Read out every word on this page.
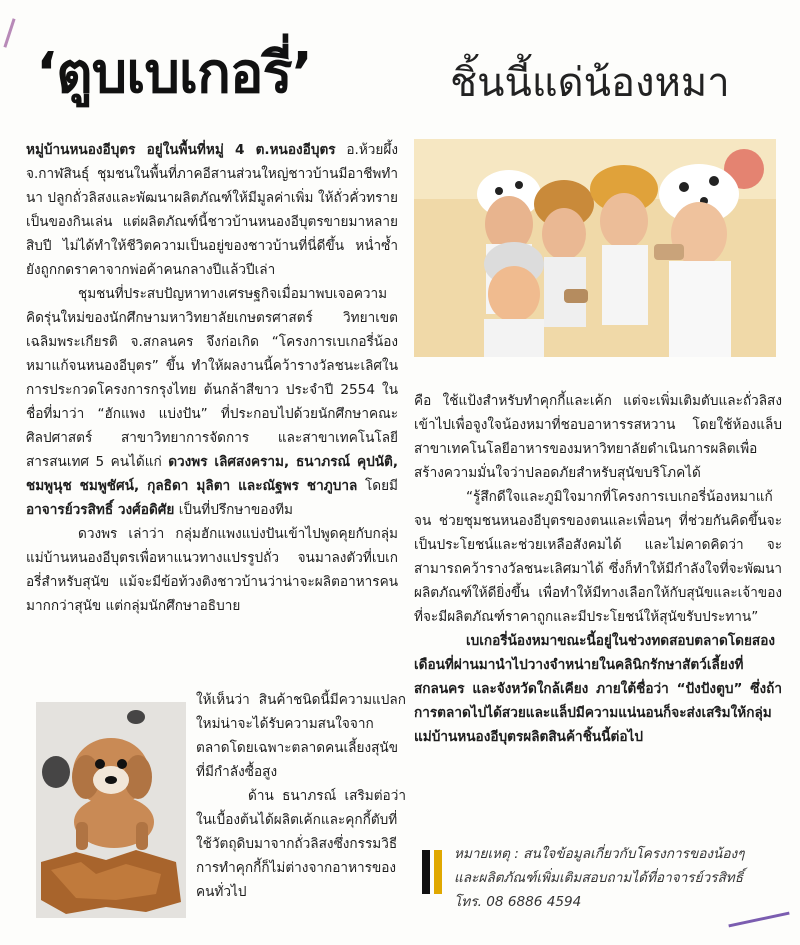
‘ตูบเบเกอรี่’	ชิ้นนี้แด่น้องหมา

หมู่บ้านหนองอีบุตร อยู่ในพื้นที่หมู่ 4 ต.หนองอีบุตร อ.ห้วยผึ้ง จ.กาฬสินธุ์ ชุมชนในพื้นที่ภาคอีสานส่วนใหญ่ชาวบ้านมีอาชีพทำนา ปลูกถั่วลิสงและพัฒนาผลิตภัณฑ์ให้มีมูลค่าเพิ่ม ให้ถั่วคั่วทรายเป็นของกินเล่น แต่ผลิตภัณฑ์นี้ชาวบ้านหนองอีบุตรขายมาหลายสิบปี ไม่ได้ทำให้ชีวิตความเป็นอยู่ของชาวบ้านที่นี่ดีขึ้น หน่ำซ้ำยังถูกกดราคาจากพ่อค้าคนกลางปีแล้วปีเล่า

ชุมชนที่ประสบปัญหาทางเศรษฐกิจเมื่อมาพบเจอความคิดรุ่นใหม่ของนักศึกษามหาวิทยาลัยเกษตรศาสตร์ วิทยาเขตเฉลิมพระเกียรติ จ.สกลนคร จึงก่อเกิด “โครงการเบเกอรี่น้องหมาแก้จนหนองอีบุตร” ขึ้น ทำให้ผลงานนี้คว้ารางวัลชนะเลิศในการประกวดโครงการกรุงไทย ต้นกล้าสีขาว ประจำปี 2554 ในชื่อที่มาว่า “ฮักแพง แบ่งปัน” ที่ประกอบไปด้วยนักศึกษาคณะศิลปศาสตร์ สาขาวิทยาการจัดการ และสาขาเทคโนโลยีสารสนเทศ 5 คนได้แก่ ดวงพร เลิศสงคราม, ธนาภรณ์ คุปนัติ, ชมพูนุช ชมพูชัศน์, กุลธิดา มุลิตา และณัฐพร ชาภูบาล โดยมี อาจารย์วรสิทธิ์ วงศ์อดิศัย เป็นที่ปรึกษาของทีม

ดวงพร เล่าว่า กลุ่มฮักแพงแบ่งปันเข้าไปพูดคุยกับกลุ่มแม่บ้านหนองอีบุตรเพื่อหาแนวทางแปรรูปถั่ว จนมาลงตัวที่เบเกอรี่สำหรับสุนัข แม้จะมีข้อท้วงติงชาวบ้านว่าน่าจะผลิตอาหารคนมากกว่าสุนัข แต่กลุ่มนักศึกษาอธิบาย

ให้เห็นว่า สินค้าชนิดนี้มีความแปลกใหม่น่าจะได้รับความสนใจจากตลาดโดยเฉพาะตลาดคนเลี้ยงสุนัข ที่มีกำลังซื้อสูง

ด้าน ธนาภรณ์ เสริมต่อว่าในเบื้องต้นได้ผลิตเค้กและคุกกี้ตับที่ใช้วัตถุดิบมาจากถั่วลิสงซึ่งกรรมวิธีการทำคุกกี้ก็ไม่ต่างจากอาหารของคนทั่วไป

คือ ใช้แป้งสำหรับทำคุกกี้และเค้ก แต่จะเพิ่มเติมตับและถั่วลิสงเข้าไปเพื่อจูงใจน้องหมาที่ชอบอาหารรสหวาน โดยใช้ห้องแล็บสาขาเทคโนโลยีอาหารของมหาวิทยาลัยดำเนินการผลิตเพื่อสร้างความมั่นใจว่าปลอดภัยสำหรับสุนัขบริโภคได้

“รู้สึกดีใจและภูมิใจมากที่โครงการเบเกอรี่น้องหมาแก้จน ช่วยชุมชนหนองอีบุตรของตนและเพื่อนๆ ที่ช่วยกันคิดขึ้นจะเป็นประโยชน์และช่วยเหลือสังคมได้ และไม่คาดคิดว่า จะสามารถคว้ารางวัลชนะเลิศมาได้ ซึ่งก็ทำให้มีกำลังใจที่จะพัฒนาผลิตภัณฑ์ให้ดียิ่งขึ้น เพื่อทำให้มีทางเลือกให้กับสุนัขและเจ้าของที่จะมีผลิตภัณฑ์ราคาถูกและมีประโยชน์ให้สุนัขรับประทาน”

เบเกอรี่น้องหมาขณะนี้อยู่ในช่วงทดสอบตลาดโดยสองเดือนที่ผ่านมานำไปวางจำหน่ายในคลินิกรักษาสัตว์เลี้ยงที่สกลนคร และจังหวัดใกล้เคียง ภายใต้ชื่อว่า “ปังปังตูบ” ซึ่งถ้าการตลาดไปได้สวยและแล็ปมีความแน่นอนก็จะส่งเสริมให้กลุ่มแม่บ้านหนองอีบุตรผลิตสินค้าชิ้นนี้ต่อไป

หมายเหตุ : สนใจข้อมูลเกี่ยวกับโครงการของน้องๆ

และผลิตภัณฑ์เพิ่มเติมสอบถามได้ที่อาจารย์วรสิทธิ์

โทร. 08 6886 4594
